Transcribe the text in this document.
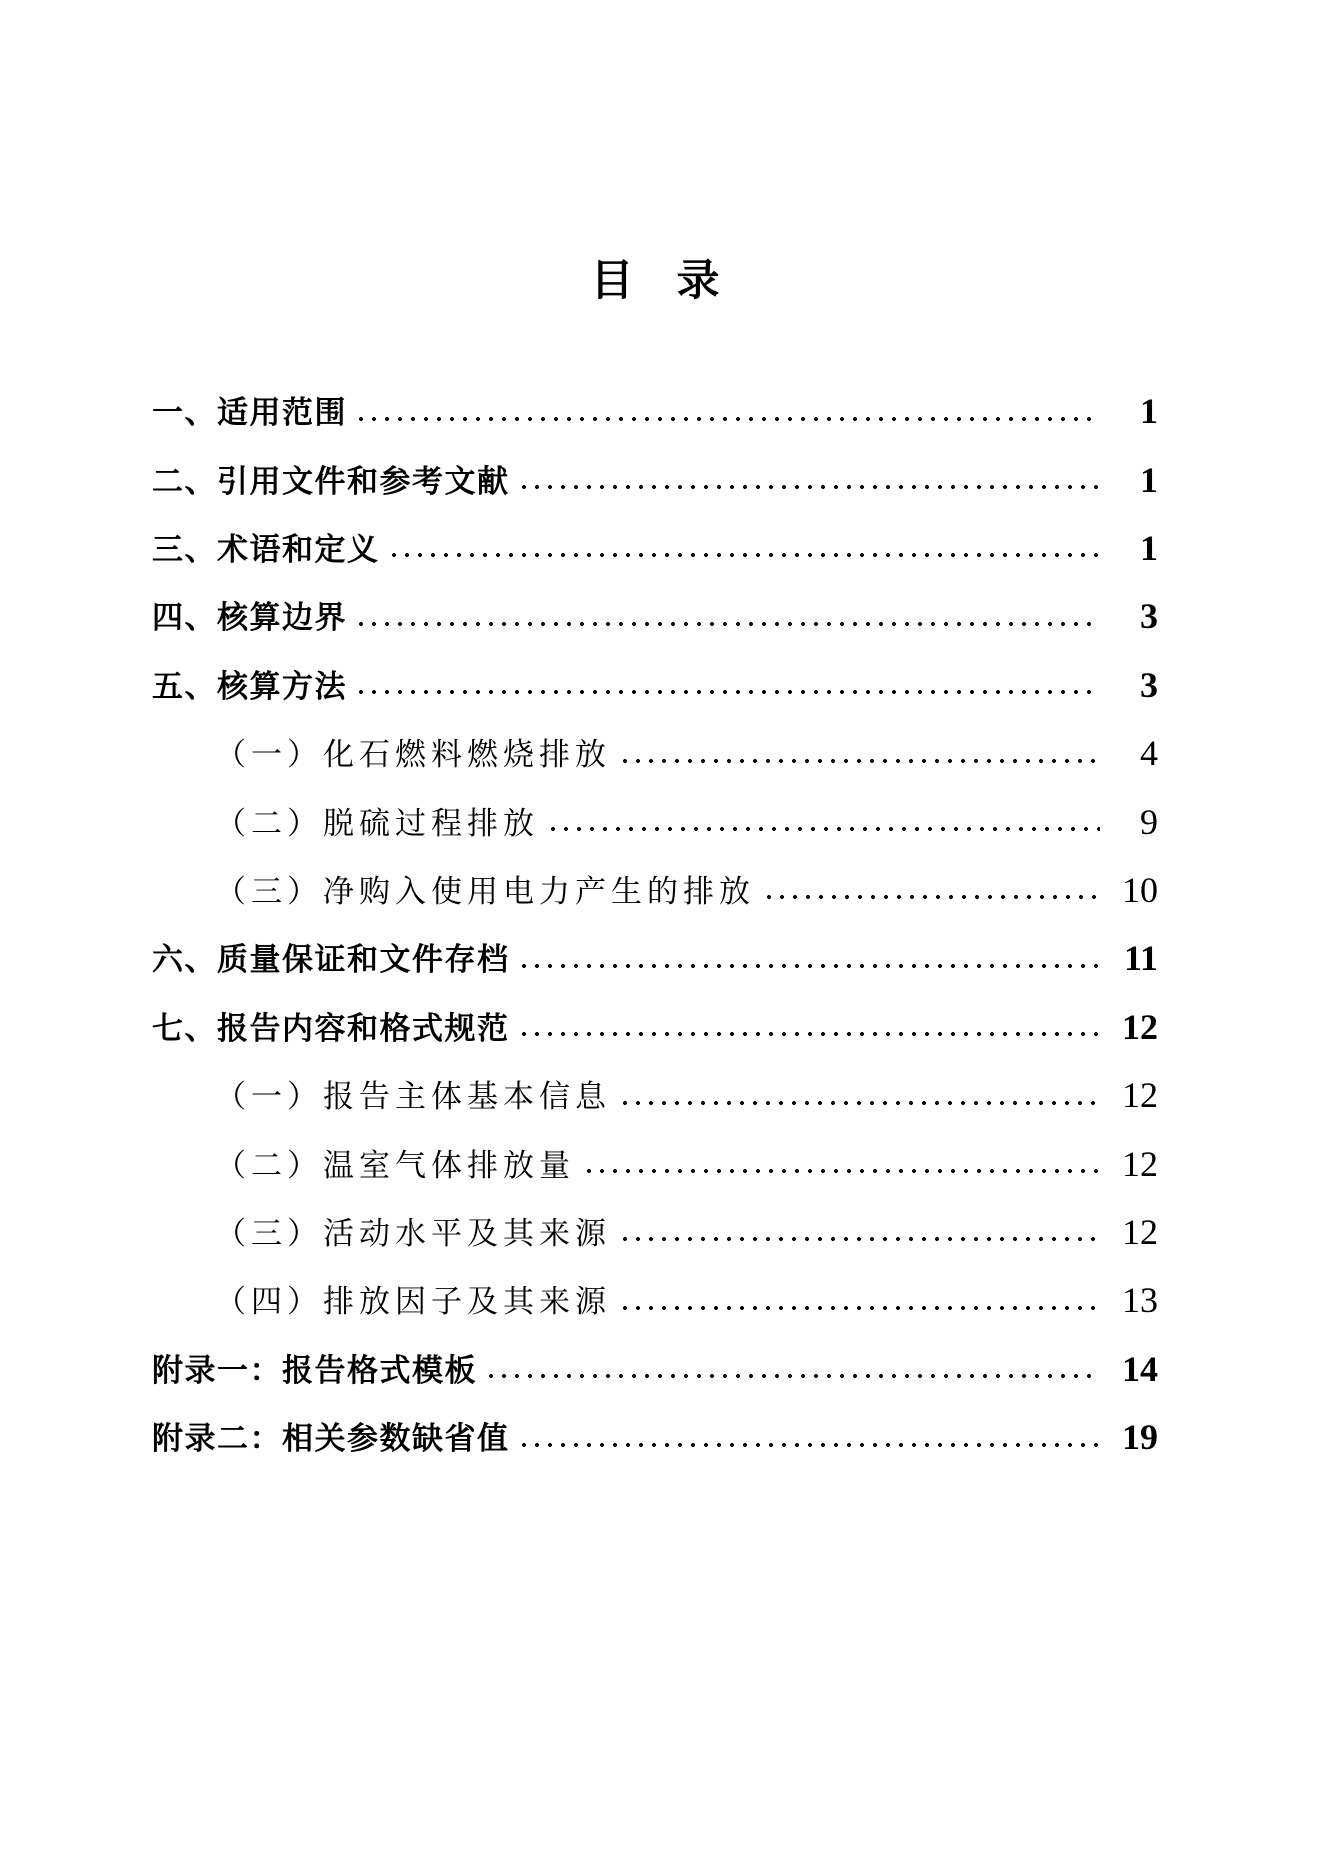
目　录
一、适用范围	1
二、引用文件和参考文献	1
三、术语和定义	1
四、核算边界	3
五、核算方法	3
（一）化石燃料燃烧排放	4
（二）脱硫过程排放	9
（三）净购入使用电力产生的排放	10
六、质量保证和文件存档	11
七、报告内容和格式规范	12
（一）报告主体基本信息	12
（二）温室气体排放量	12
（三）活动水平及其来源	12
（四）排放因子及其来源	13
附录一：报告格式模板	14
附录二：相关参数缺省值	19
